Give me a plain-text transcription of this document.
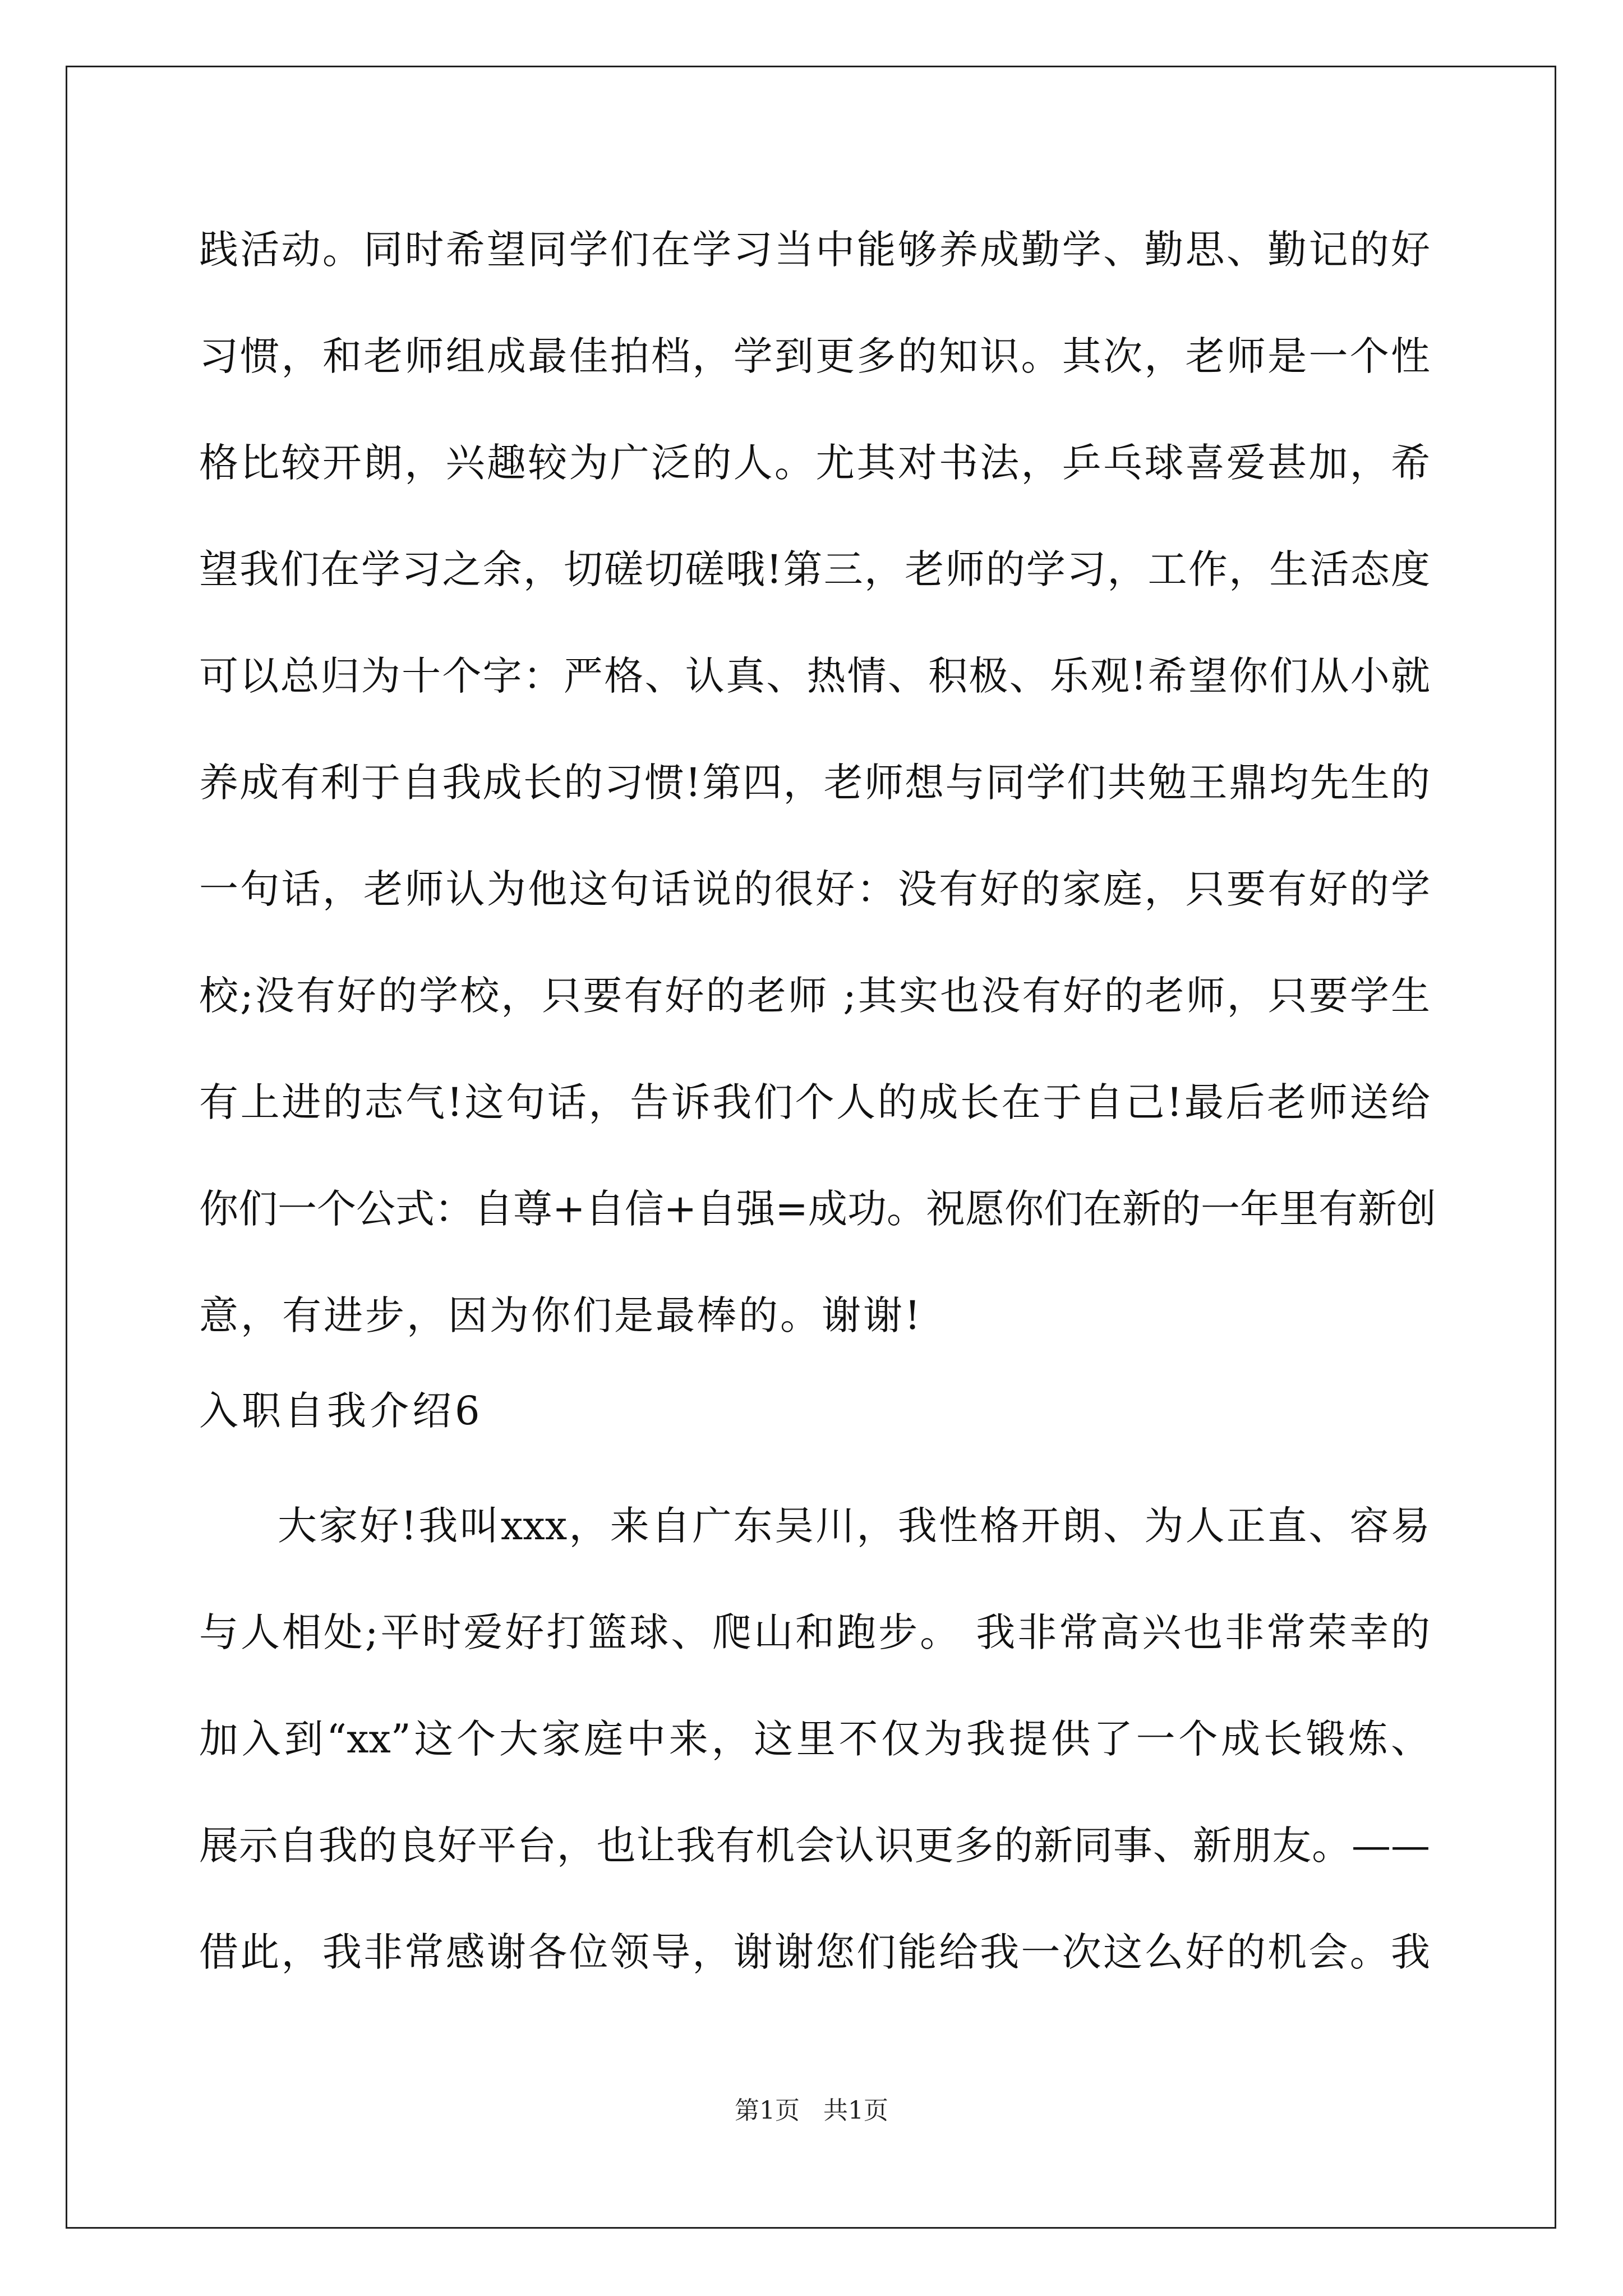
践活动。同时希望同学们在学习当中能够养成勤学、勤思、勤记的好
习惯，和老师组成最佳拍档，学到更多的知识。其次，老师是一个性
格比较开朗，兴趣较为广泛的人。尤其对书法，乒乓球喜爱甚加，希
望我们在学习之余，切磋切磋哦!第三，老师的学习，工作，生活态度
可以总归为十个字：严格、认真、热情、积极、乐观!希望你们从小就
养成有利于自我成长的习惯!第四，老师想与同学们共勉王鼎均先生的
一句话，老师认为他这句话说的很好：没有好的家庭，只要有好的学
校;没有好的学校，只要有好的老师 ;其实也没有好的老师，只要学生
有上进的志气!这句话，告诉我们个人的成长在于自己!最后老师送给
你们一个公式：自尊+自信+自强=成功。祝愿你们在新的一年里有新创
意，有进步，因为你们是最棒的。谢谢!
入职自我介绍6
大家好!我叫xxx，来自广东吴川，我性格开朗、为人正直、容易
与人相处;平时爱好打篮球、爬山和跑步。 我非常高兴也非常荣幸的
加入到“xx”这个大家庭中来，这里不仅为我提供了一个成长锻炼、
展示自我的良好平台，也让我有机会认识更多的新同事、新朋友。——
借此，我非常感谢各位领导，谢谢您们能给我一次这么好的机会。我
第1页   共1页
